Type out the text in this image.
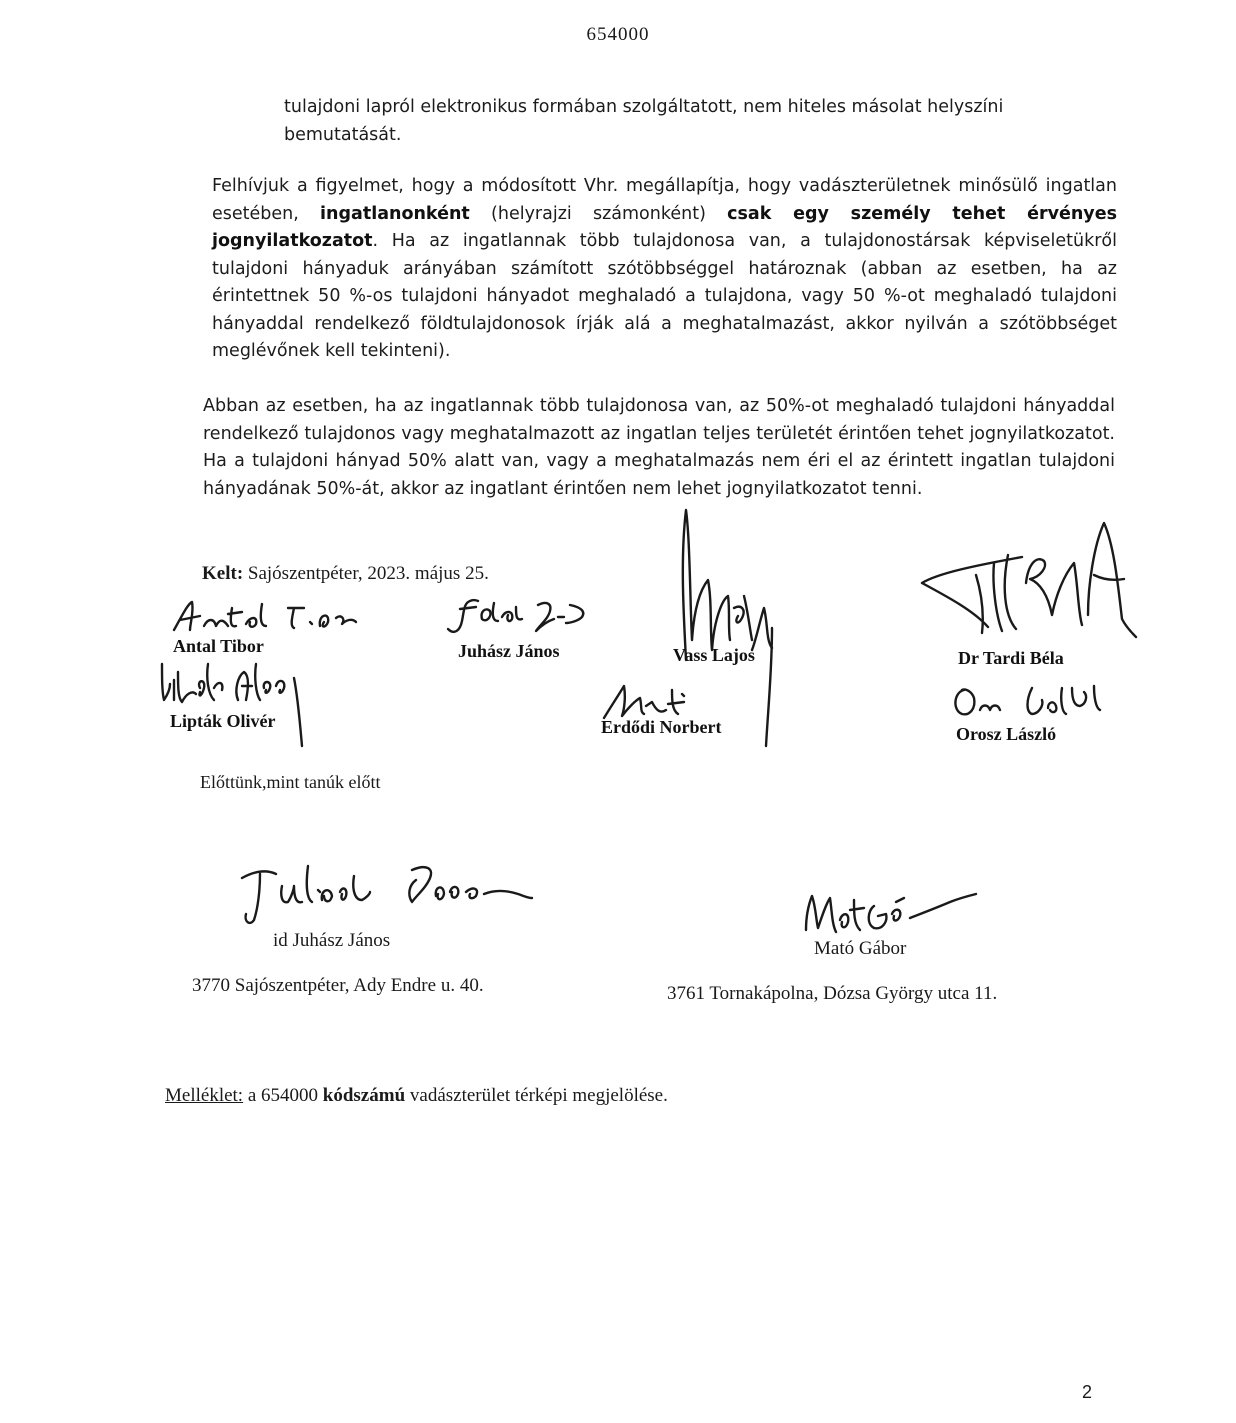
654000
tulajdoni lapról elektronikus formában szolgáltatott, nem hiteles másolat helyszíni bemutatását.
Felhívjuk a figyelmet, hogy a módosított Vhr. megállapítja, hogy vadászterületnek minősülő ingatlan esetében, ingatlanonként (helyrajzi számonként) csak egy személy tehet érvényes jognyilatkozatot. Ha az ingatlannak több tulajdonosa van, a tulajdonostársak képviseletükről tulajdoni hányaduk arányában számított szótöbbséggel határoznak (abban az esetben, ha az érintettnek 50 %-os tulajdoni hányadot meghaladó a tulajdona, vagy 50 %-ot meghaladó tulajdoni hányaddal rendelkező földtulajdonosok írják alá a meghatalmazást, akkor nyilván a szótöbbséget meglévőnek kell tekinteni).
Abban az esetben, ha az ingatlannak több tulajdonosa van, az 50%-ot meghaladó tulajdoni hányaddal rendelkező tulajdonos vagy meghatalmazott az ingatlan teljes területét érintően tehet jognyilatkozatot. Ha a tulajdoni hányad 50% alatt van, vagy a meghatalmazás nem éri el az érintett ingatlan tulajdoni hányadának 50%-át, akkor az ingatlant érintően nem lehet jognyilatkozatot tenni.
Kelt: Sajószentpéter, 2023. május 25.
Antal Tibor	Juhász János	Vass Lajos	Dr Tardi Béla
Lipták Olivér	Erdődi Norbert	Orosz László
Előttünk,mint tanúk előtt
id Juhász János
3770 Sajószentpéter, Ady Endre u. 40.
Mató Gábor
3761 Tornakápolna, Dózsa György utca 11.
Melléklet: a 654000 kódszámú vadászterület térképi megjelölése.
2
